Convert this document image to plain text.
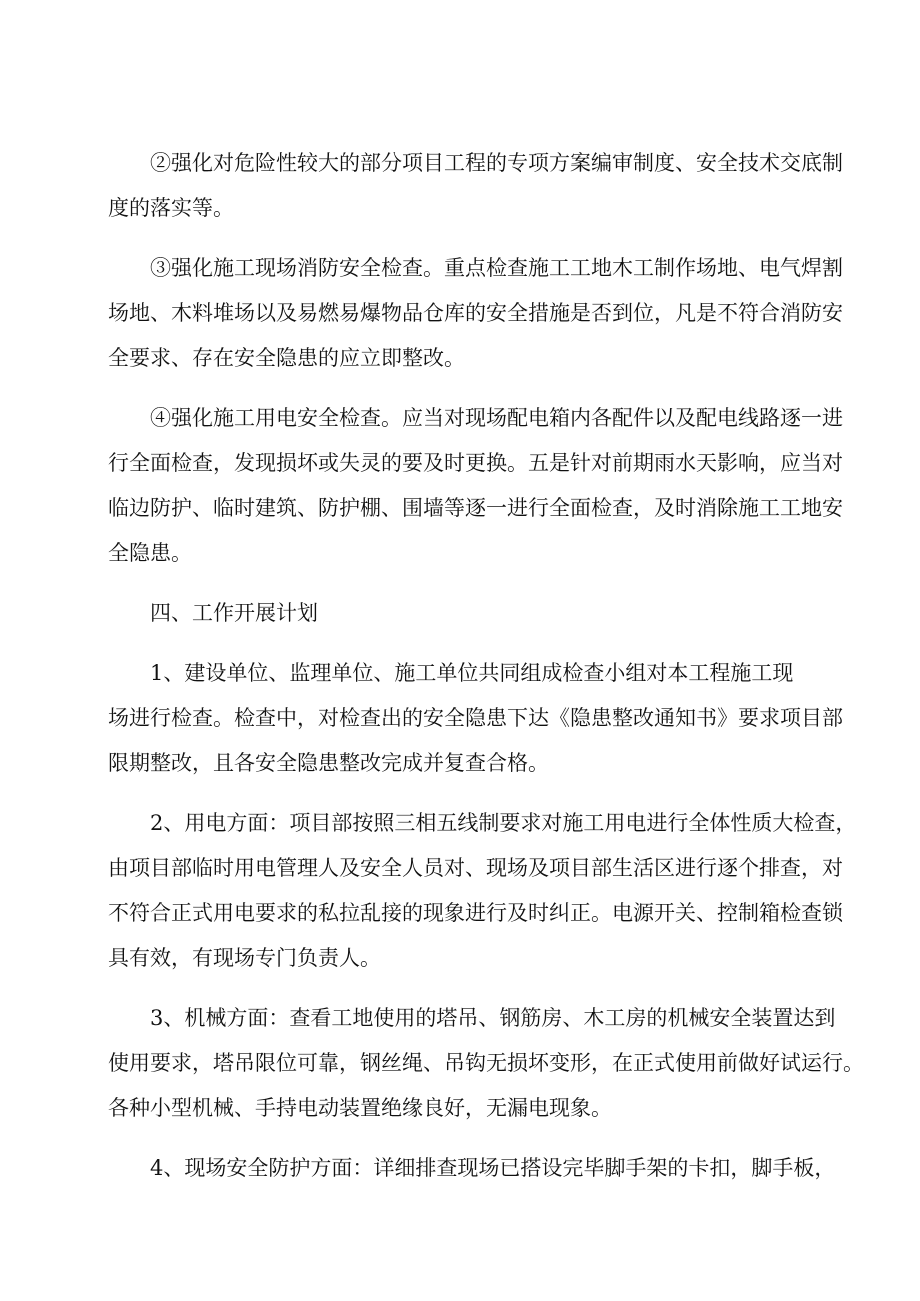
②强化对危险性较大的部分项目工程的专项方案编审制度、安全技术交底制
度的落实等。

③强化施工现场消防安全检查。重点检查施工工地木工制作场地、电气焊割
场地、木料堆场以及易燃易爆物品仓库的安全措施是否到位，凡是不符合消防安
全要求、存在安全隐患的应立即整改。

④强化施工用电安全检查。应当对现场配电箱内各配件以及配电线路逐一进
行全面检查，发现损坏或失灵的要及时更换。五是针对前期雨水天影响，应当对
临边防护、临时建筑、防护棚、围墙等逐一进行全面检查，及时消除施工工地安
全隐患。

四、工作开展计划

1、建设单位、监理单位、施工单位共同组成检查小组对本工程施工现
场进行检查。检查中，对检查出的安全隐患下达《隐患整改通知书》要求项目部
限期整改，且各安全隐患整改完成并复查合格。

2、用电方面：项目部按照三相五线制要求对施工用电进行全体性质大检查，
由项目部临时用电管理人及安全人员对、现场及项目部生活区进行逐个排查，对
不符合正式用电要求的私拉乱接的现象进行及时纠正。电源开关、控制箱检查锁
具有效，有现场专门负责人。

3、机械方面：查看工地使用的塔吊、钢筋房、木工房的机械安全装置达到
使用要求，塔吊限位可靠，钢丝绳、吊钩无损坏变形，在正式使用前做好试运行。
各种小型机械、手持电动装置绝缘良好，无漏电现象。

4、现场安全防护方面：详细排查现场已搭设完毕脚手架的卡扣，脚手板，
